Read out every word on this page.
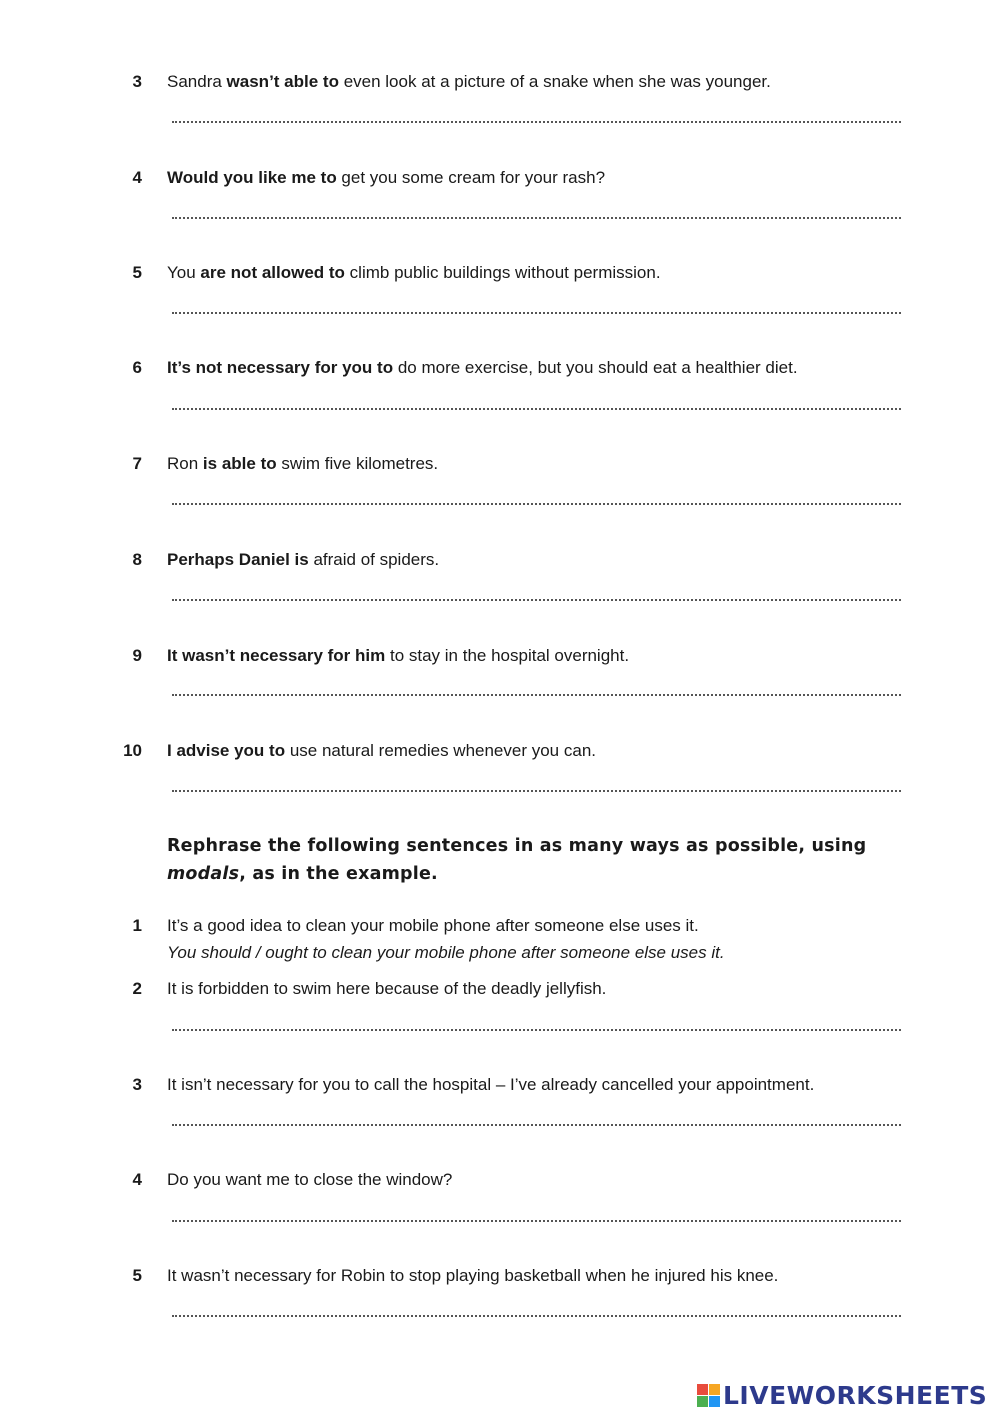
3 Sandra wasn’t able to even look at a picture of a snake when she was younger.
4 Would you like me to get you some cream for your rash?
5 You are not allowed to climb public buildings without permission.
6 It’s not necessary for you to do more exercise, but you should eat a healthier diet.
7 Ron is able to swim five kilometres.
8 Perhaps Daniel is afraid of spiders.
9 It wasn’t necessary for him to stay in the hospital overnight.
10 I advise you to use natural remedies whenever you can.
Rephrase the following sentences in as many ways as possible, using
modals, as in the example.
1 It’s a good idea to clean your mobile phone after someone else uses it.
You should / ought to clean your mobile phone after someone else uses it.
2 It is forbidden to swim here because of the deadly jellyfish.
3 It isn’t necessary for you to call the hospital – I’ve already cancelled your appointment.
4 Do you want me to close the window?
5 It wasn’t necessary for Robin to stop playing basketball when he injured his knee.
LIVEWORKSHEETS
